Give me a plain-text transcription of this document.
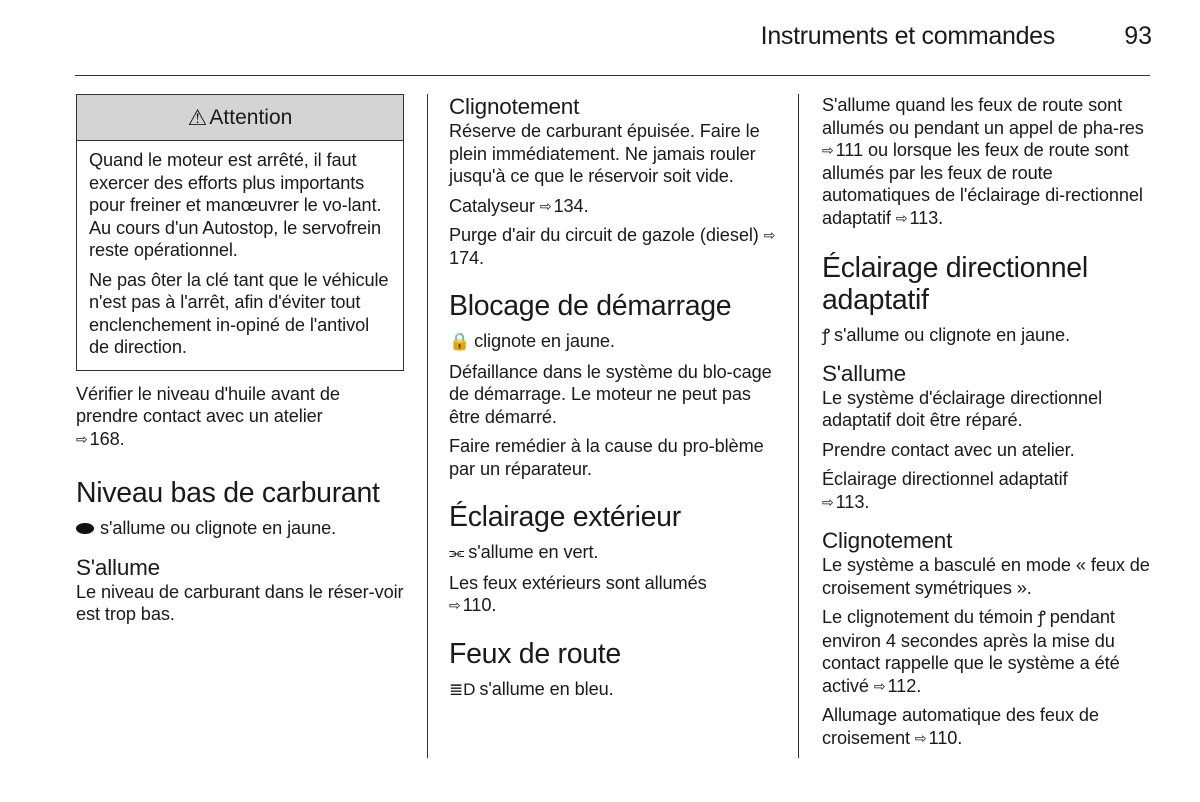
Instruments et commandes	93
⚠ Attention

Quand le moteur est arrêté, il faut exercer des efforts plus importants pour freiner et manœuvrer le vo-lant. Au cours d'un Autostop, le servofrein reste opérationnel.

Ne pas ôter la clé tant que le véhicule n'est pas à l'arrêt, afin d'éviter tout enclenchement in-opiné de l'antivol de direction.

Vérifier le niveau d'huile avant de prendre contact avec un atelier
⇨ 168.

Niveau bas de carburant

s'allume ou clignote en jaune.

S'allume

Le niveau de carburant dans le réser-voir est trop bas.

Clignotement

Réserve de carburant épuisée. Faire le plein immédiatement. Ne jamais rouler jusqu'à ce que le réservoir soit vide.

Catalyseur ⇨ 134.

Purge d'air du circuit de gazole (diesel) ⇨174.

Blocage de démarrage

🔒 clignote en jaune.

Défaillance dans le système du blo-cage de démarrage. Le moteur ne peut pas être démarré.

Faire remédier à la cause du pro-blème par un réparateur.

Éclairage extérieur

⫘ s'allume en vert.

Les feux extérieurs sont allumés
⇨ 110.

Feux de route

≣D s'allume en bleu.

S'allume quand les feux de route sont allumés ou pendant un appel de pha-res ⇨ 111 ou lorsque les feux de route sont allumés par les feux de route automatiques de l'éclairage di-rectionnel adaptatif ⇨ 113.

Éclairage directionnel adaptatif

ꝭ s'allume ou clignote en jaune.

S'allume

Le système d'éclairage directionnel adaptatif doit être réparé.

Prendre contact avec un atelier.

Éclairage directionnel adaptatif
⇨ 113.

Clignotement

Le système a basculé en mode « feux de croisement symétriques ».

Le clignotement du témoin ꝭ pendant environ 4 secondes après la mise du contact rappelle que le système a été activé ⇨ 112.

Allumage automatique des feux de croisement ⇨ 110.
